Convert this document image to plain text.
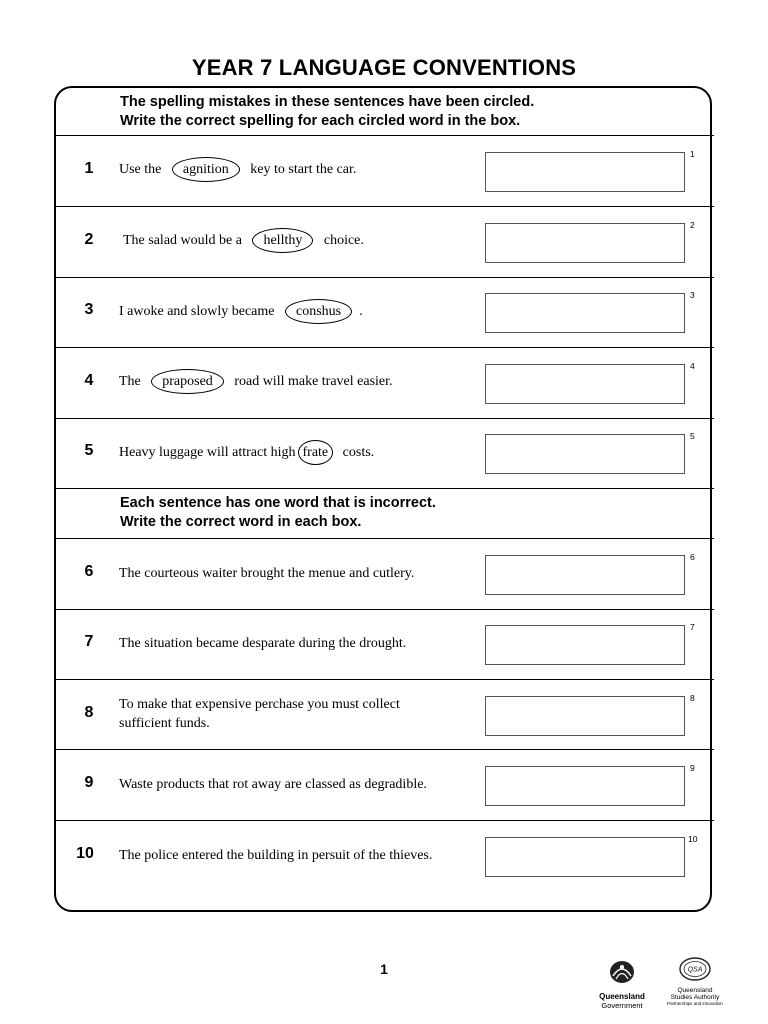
YEAR 7 LANGUAGE CONVENTIONS
The spelling mistakes in these sentences have been circled.
Write the correct spelling for each circled word in the box.
1	Use the agnition key to start the car.
1
2	The salad would be a hellthy choice.
2
3	I awoke and slowly became conshus .
3
4	The praposed road will make travel easier.
4
5	Heavy luggage will attract high frate costs.
5
Each sentence has one word that is incorrect.
Write the correct word in each box.
6	The courteous waiter brought the menue and cutlery.
6
7	The situation became desparate during the drought.
7
8	To make that expensive perchase you must collect
sufficient funds.
8
9	Waste products that rot away are classed as degradible.
9
10	The police entered the building in persuit of the thieves.
10
1
Queensland
Government
QSA
Queensland
Studies Authority
Partnerships and innovation
